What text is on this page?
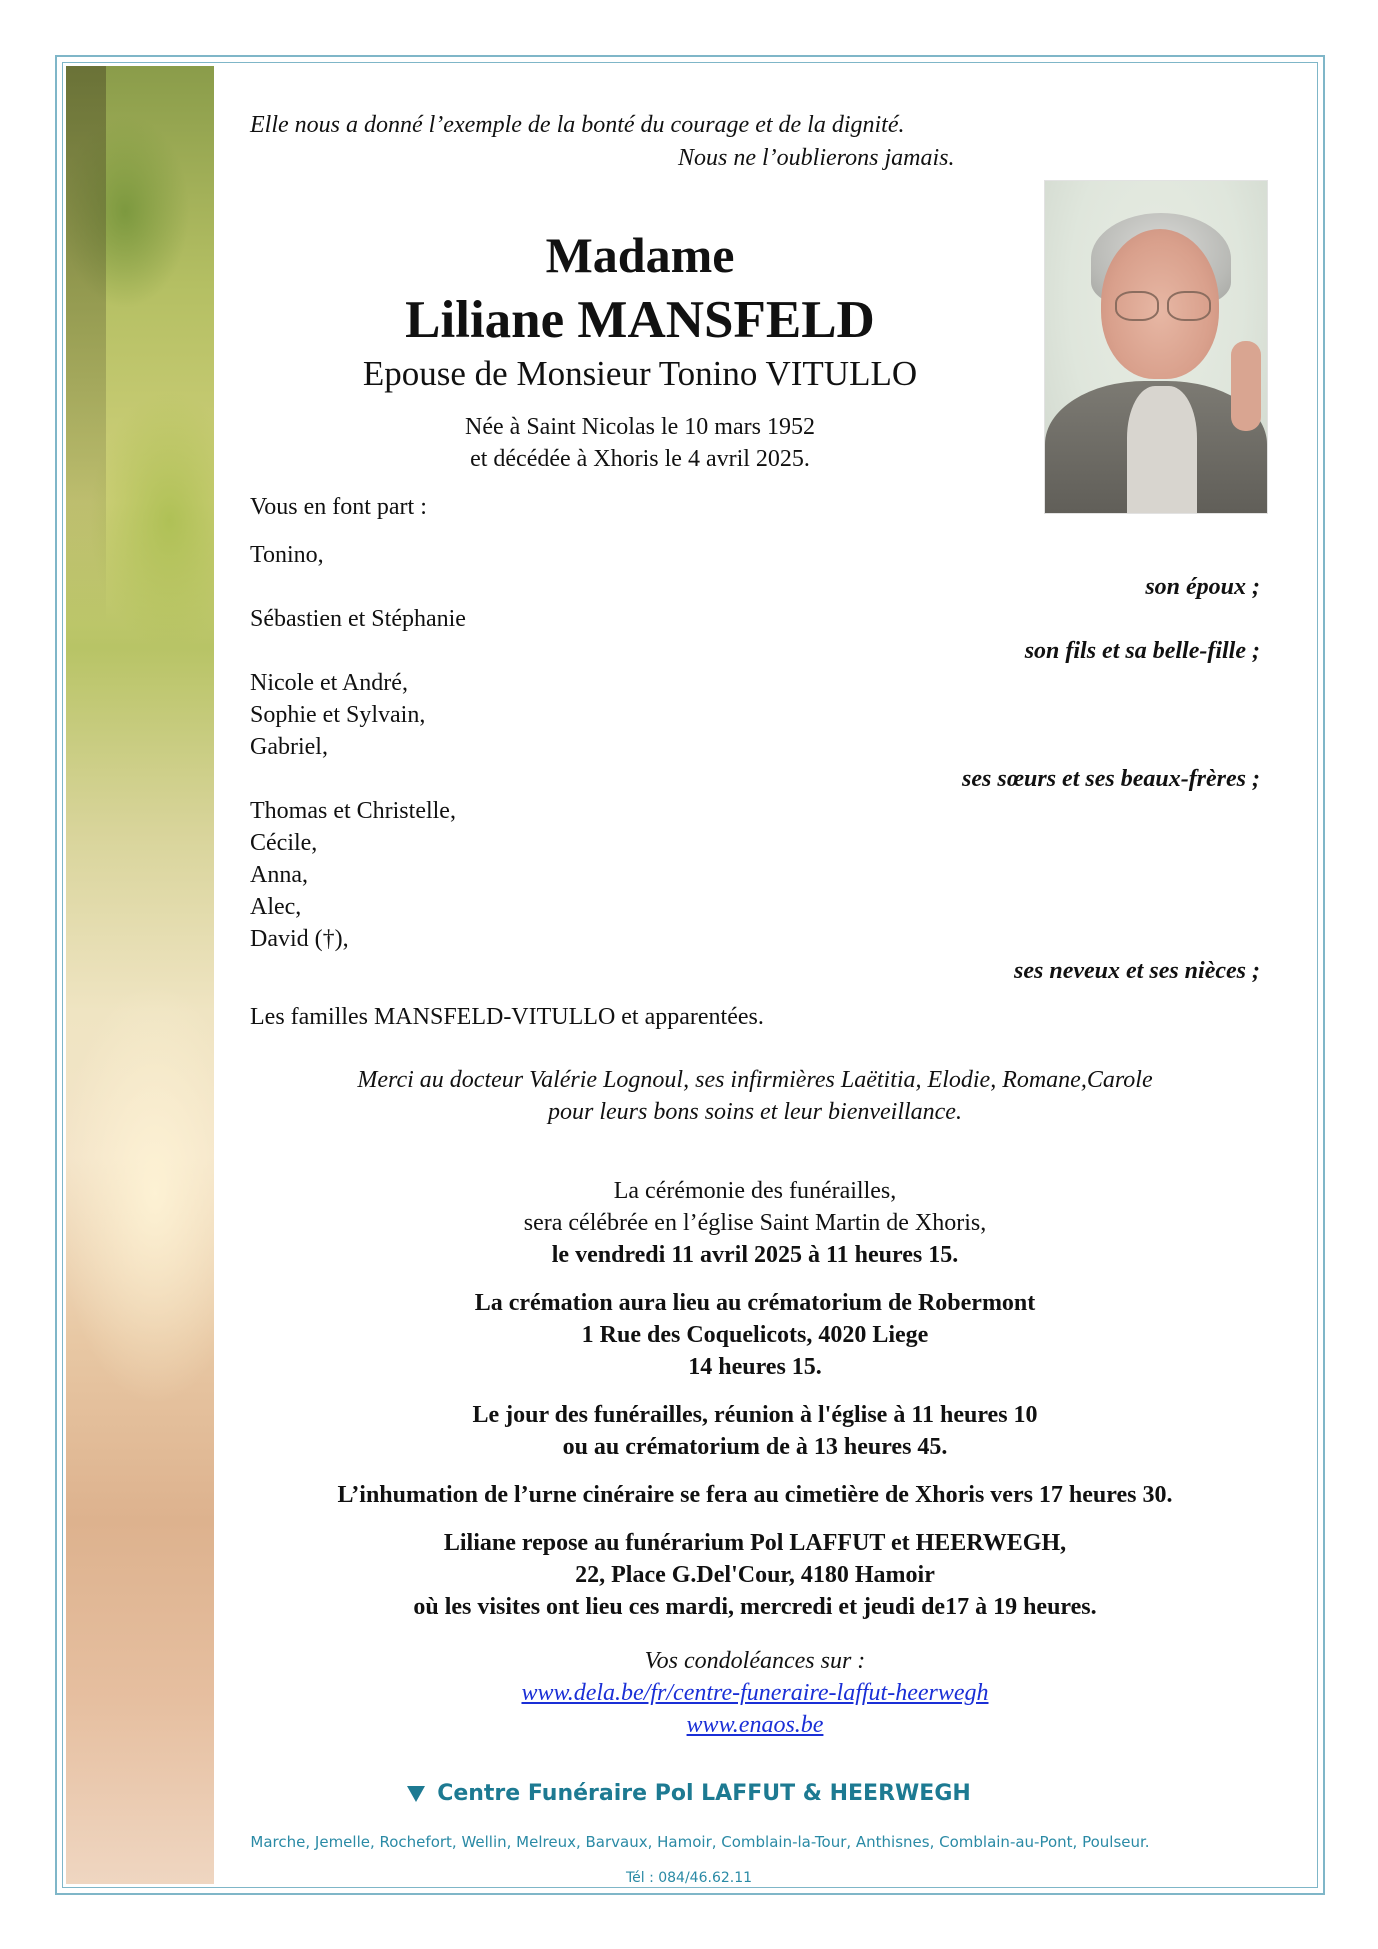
Elle nous a donné l’exemple de la bonté du courage et de la dignité.
Nous ne l’oublierons jamais.
Madame
Liliane MANSFELD
Epouse de Monsieur Tonino VITULLO
Née à Saint Nicolas le 10 mars 1952
et décédée à Xhoris le 4 avril 2025.
Vous en font part :
Tonino,
son époux ;
Sébastien et Stéphanie
son fils et sa belle-fille ;
Nicole et André,
Sophie et Sylvain,
Gabriel,
ses sœurs et ses beaux-frères ;
Thomas et Christelle,
Cécile,
Anna,
Alec,
David (†),
ses neveux et ses nièces ;
Les familles MANSFELD-VITULLO et apparentées.
Merci au docteur Valérie Lognoul, ses infirmières Laëtitia, Elodie, Romane,Carole
pour leurs bons soins et leur bienveillance.
La cérémonie des funérailles,
sera célébrée en l’église Saint Martin de Xhoris,
le vendredi 11 avril 2025 à 11 heures 15.
La crémation aura lieu au crématorium de Robermont
1 Rue des Coquelicots, 4020 Liege
14 heures 15.
Le jour des funérailles, réunion à l'église à 11 heures 10
ou au crématorium de à 13 heures 45.
L’inhumation de l’urne cinéraire se fera au cimetière de Xhoris vers 17 heures 30.
Liliane repose au funérarium Pol LAFFUT et HEERWEGH,
22, Place G.Del'Cour, 4180 Hamoir
où les visites ont lieu ces mardi, mercredi et jeudi de17 à 19 heures.
Vos condoléances sur :
www.dela.be/fr/centre-funeraire-laffut-heerwegh
www.enaos.be
Centre Funéraire Pol LAFFUT & HEERWEGH
Marche, Jemelle, Rochefort, Wellin, Melreux, Barvaux, Hamoir, Comblain-la-Tour, Anthisnes, Comblain-au-Pont, Poulseur.
Tél : 084/46.62.11
